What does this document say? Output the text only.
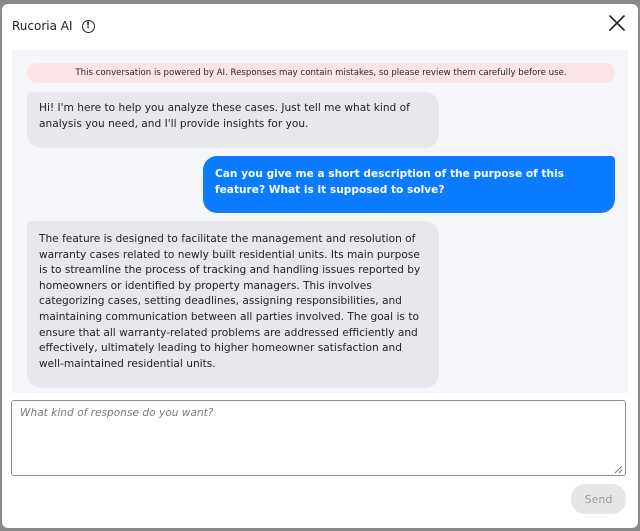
Rucoria AI	!
This conversation is powered by AI. Responses may contain mistakes, so please review them carefully before use.
Hi! I'm here to help you analyze these cases. Just tell me what kind of analysis you need, and I'll provide insights for you.
Can you give me a short description of the purpose of this feature? What is it supposed to solve?
The feature is designed to facilitate the management and resolution of warranty cases related to newly built residential units. Its main purpose is to streamline the process of tracking and handling issues reported by homeowners or identified by property managers. This involves categorizing cases, setting deadlines, assigning responsibilities, and maintaining communication between all parties involved. The goal is to ensure that all warranty-related problems are addressed efficiently and effectively, ultimately leading to higher homeowner satisfaction and well-maintained residential units.
What kind of response do you want?
Send
